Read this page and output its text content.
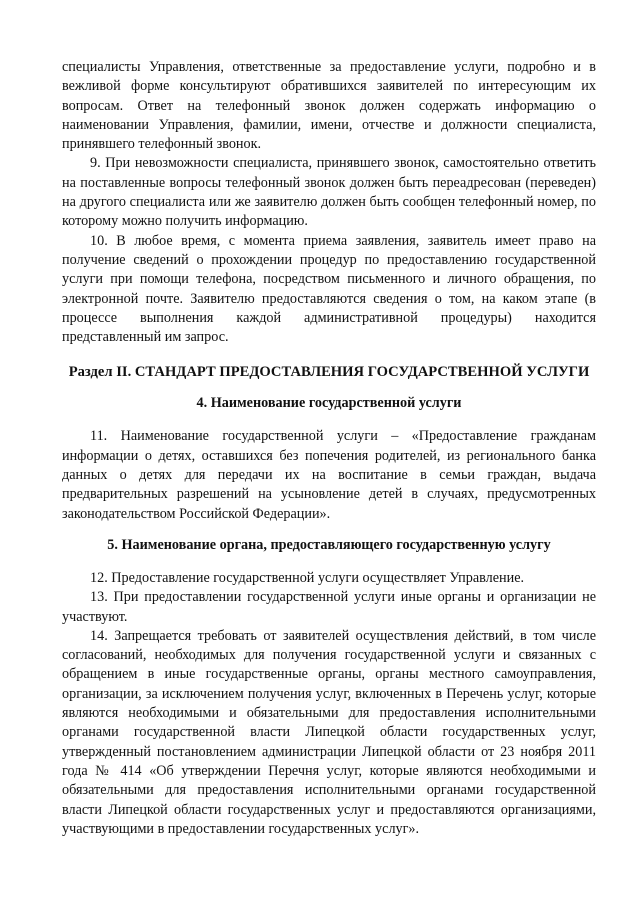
специалисты Управления, ответственные за предоставление услуги, подробно и в вежливой форме консультируют обратившихся заявителей по интересующим их вопросам. Ответ на телефонный звонок должен содержать информацию о наименовании Управления, фамилии, имени, отчестве и должности специалиста, принявшего телефонный звонок.

9. При невозможности специалиста, принявшего звонок, самостоятельно ответить на поставленные вопросы телефонный звонок должен быть переадресован (переведен) на другого специалиста или же заявителю должен быть сообщен телефонный номер, по которому можно получить информацию.

10. В любое время, с момента приема заявления, заявитель имеет право на получение сведений о прохождении процедур по предоставлению государственной услуги при помощи телефона, посредством письменного и личного обращения, по электронной почте. Заявителю предоставляются сведения о том, на каком этапе (в процессе выполнения каждой административной процедуры) находится представленный им запрос.

Раздел II. СТАНДАРТ ПРЕДОСТАВЛЕНИЯ ГОСУДАРСТВЕННОЙ УСЛУГИ
4. Наименование государственной услуги

11. Наименование государственной услуги – «Предоставление гражданам информации о детях, оставшихся без попечения родителей, из регионального банка данных о детях для передачи их на воспитание в семьи граждан, выдача предварительных разрешений на усыновление детей в случаях, предусмотренных законодательством Российской Федерации».

5. Наименование органа, предоставляющего государственную услугу

12. Предоставление государственной услуги осуществляет Управление.

13. При предоставлении государственной услуги иные органы и организации не участвуют.

14. Запрещается требовать от заявителей осуществления действий, в том числе согласований, необходимых для получения государственной услуги и связанных с обращением в иные государственные органы, органы местного самоуправления, организации, за исключением получения услуг, включенных в Перечень услуг, которые являются необходимыми и обязательными для предоставления исполнительными органами государственной власти Липецкой области государственных услуг, утвержденный постановлением администрации Липецкой области от 23 ноября 2011 года № 414 «Об утверждении Перечня услуг, которые являются необходимыми и обязательными для предоставления исполнительными органами государственной власти Липецкой области государственных услуг и предоставляются организациями, участвующими в предоставлении государственных услуг».
